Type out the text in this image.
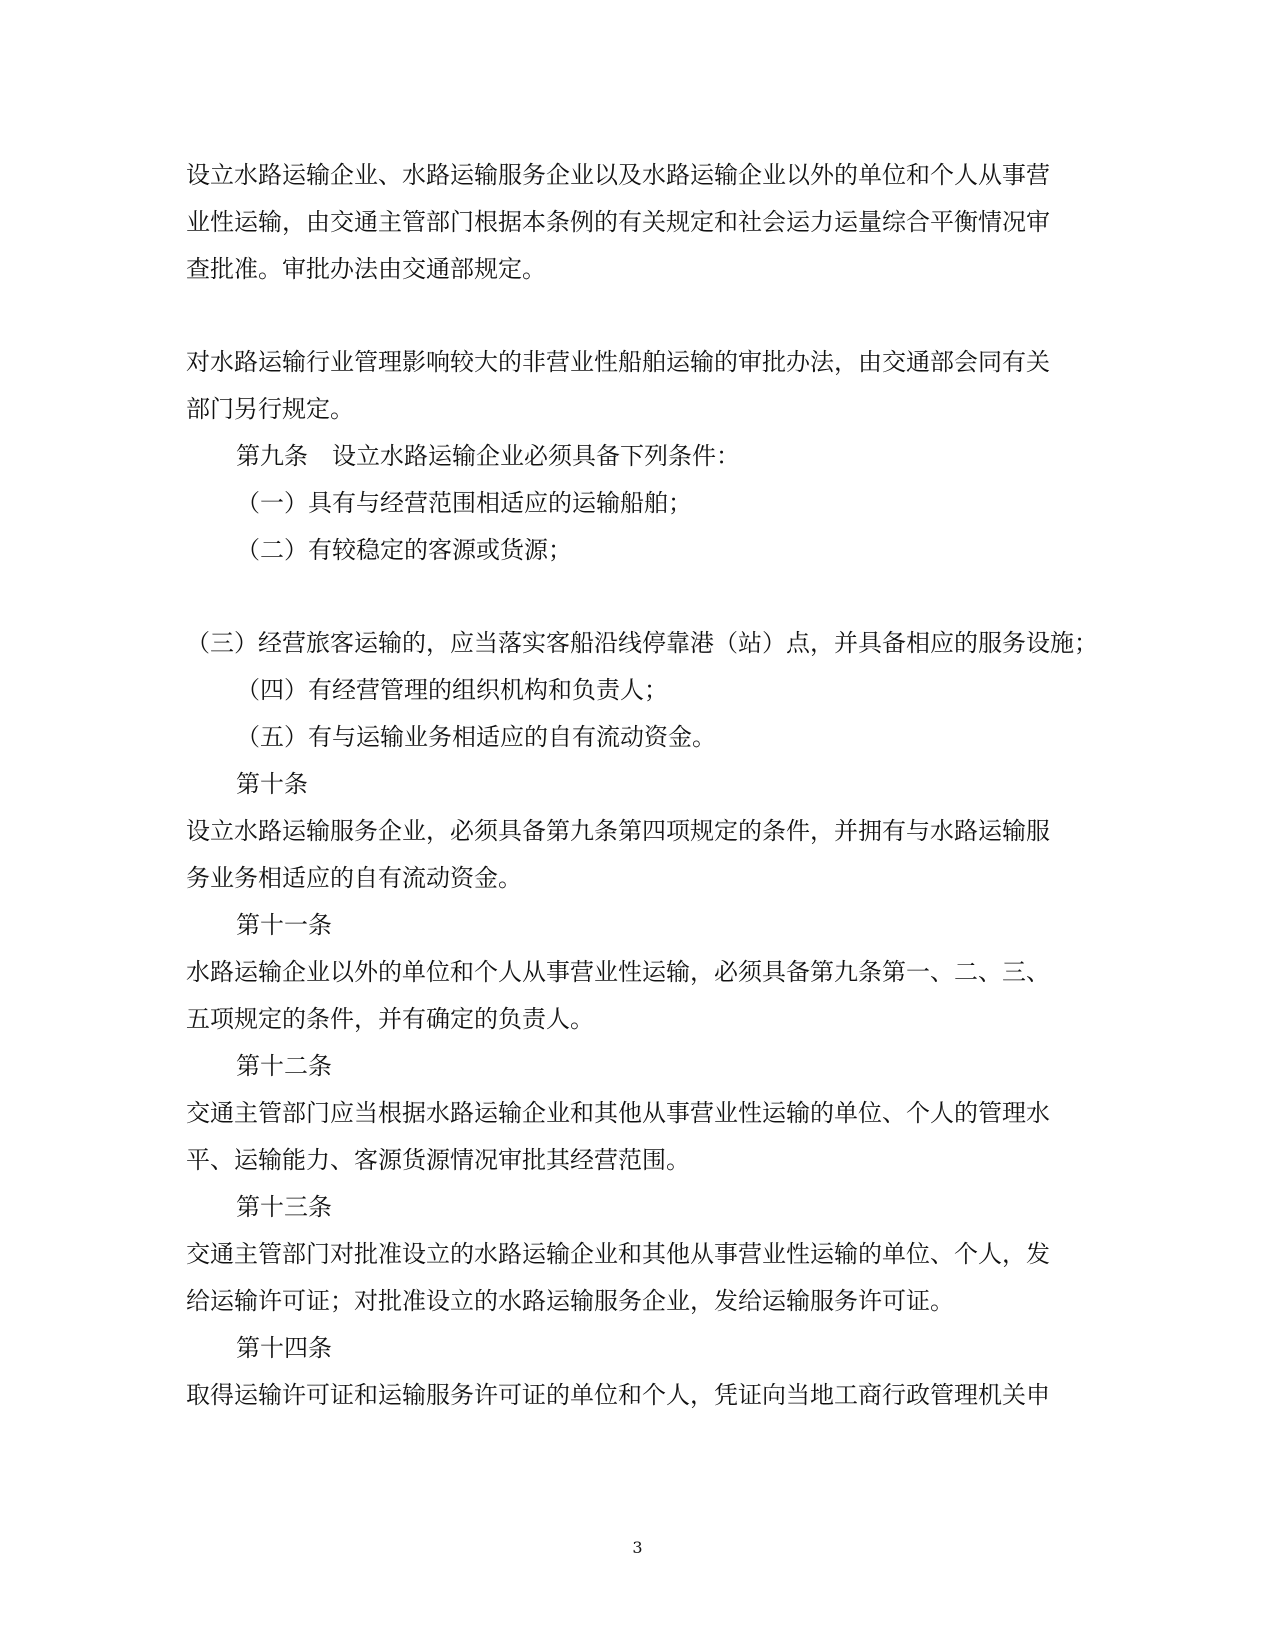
设立水路运输企业、水路运输服务企业以及水路运输企业以外的单位和个人从事营
业性运输，由交通主管部门根据本条例的有关规定和社会运力运量综合平衡情况审
查批准。审批办法由交通部规定。
对水路运输行业管理影响较大的非营业性船舶运输的审批办法，由交通部会同有关
部门另行规定。
第九条　设立水路运输企业必须具备下列条件：
（一）具有与经营范围相适应的运输船舶；
（二）有较稳定的客源或货源；
（三）经营旅客运输的，应当落实客船沿线停靠港（站）点，并具备相应的服务设施；
（四）有经营管理的组织机构和负责人；
（五）有与运输业务相适应的自有流动资金。
第十条
设立水路运输服务企业，必须具备第九条第四项规定的条件，并拥有与水路运输服
务业务相适应的自有流动资金。
第十一条
水路运输企业以外的单位和个人从事营业性运输，必须具备第九条第一、二、三、
五项规定的条件，并有确定的负责人。
第十二条
交通主管部门应当根据水路运输企业和其他从事营业性运输的单位、个人的管理水
平、运输能力、客源货源情况审批其经营范围。
第十三条
交通主管部门对批准设立的水路运输企业和其他从事营业性运输的单位、个人，发
给运输许可证；对批准设立的水路运输服务企业，发给运输服务许可证。
第十四条
取得运输许可证和运输服务许可证的单位和个人，凭证向当地工商行政管理机关申
3
